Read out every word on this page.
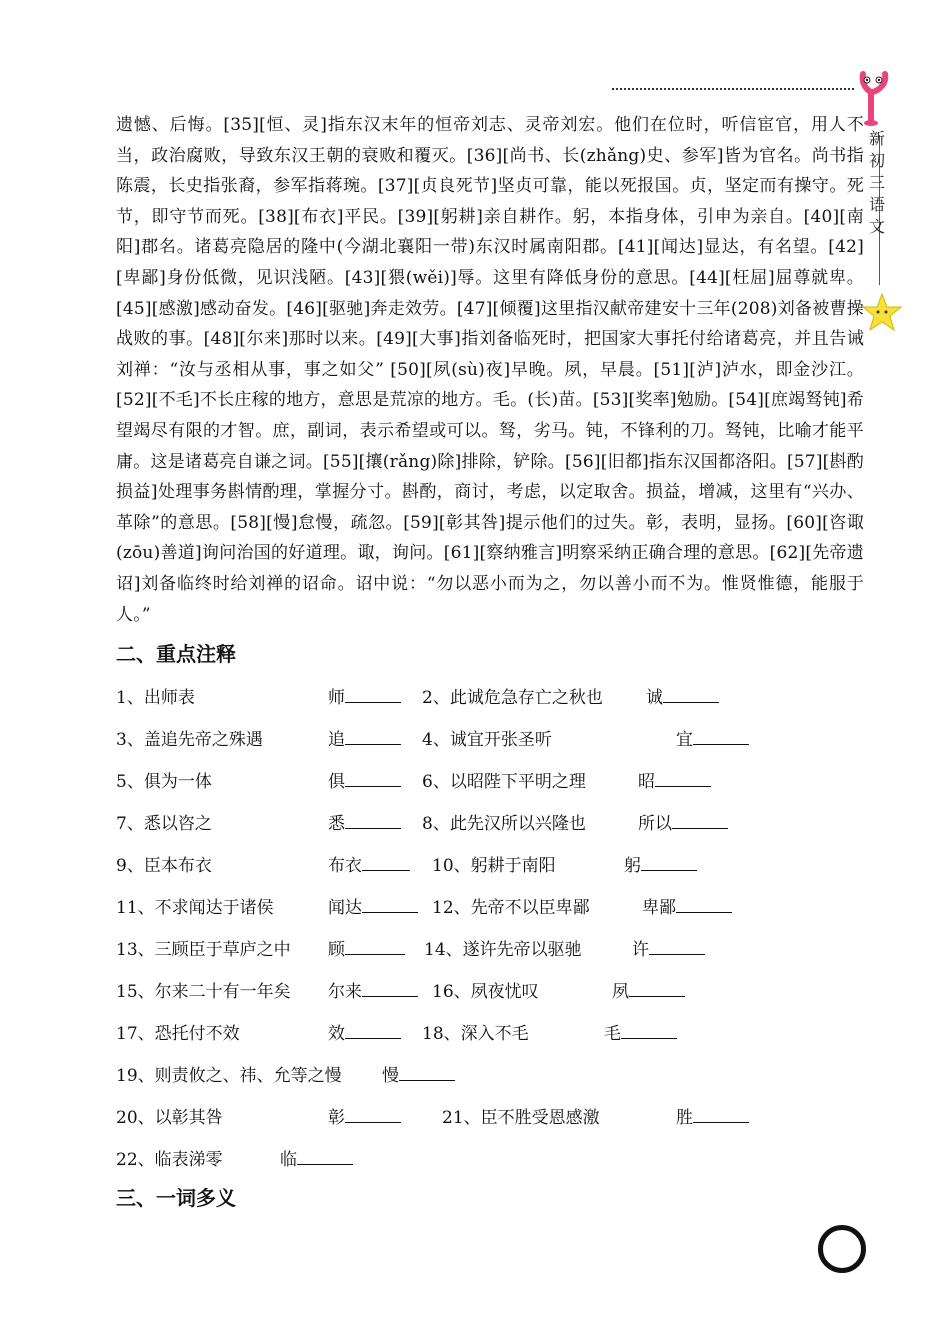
新初三语文

遗憾、后悔。[35][恒、灵]指东汉末年的恒帝刘志、灵帝刘宏。他们在位时，听信宦官，用人不当，政治腐败，导致东汉王朝的衰败和覆灭。[36][尚书、长(zhǎng)史、参军]皆为官名。尚书指陈震，长史指张裔，参军指蒋琬。[37][贞良死节]坚贞可靠，能以死报国。贞，坚定而有操守。死节，即守节而死。[38][布衣]平民。[39][躬耕]亲自耕作。躬，本指身体，引申为亲自。[40][南阳]郡名。诸葛亮隐居的隆中(今湖北襄阳一带)东汉时属南阳郡。[41][闻达]显达，有名望。[42][卑鄙]身份低微，见识浅陋。[43][猥(wěi)]辱。这里有降低身份的意思。[44][枉屈]屈尊就卑。[45][感激]感动奋发。[46][驱驰]奔走效劳。[47][倾覆]这里指汉献帝建安十三年(208)刘备被曹操战败的事。[48][尔来]那时以来。[49][大事]指刘备临死时，把国家大事托付给诸葛亮，并且告诫刘禅：“汝与丞相从事，事之如父” [50][夙(sù)夜]早晚。夙，早晨。[51][泸]泸水，即金沙江。[52][不毛]不长庄稼的地方，意思是荒凉的地方。毛。(长)苗。[53][奖率]勉励。[54][庶竭驽钝]希望竭尽有限的才智。庶，副词，表示希望或可以。驽，劣马。钝，不锋利的刀。驽钝，比喻才能平庸。这是诸葛亮自谦之词。[55][攘(rǎng)除]排除，铲除。[56][旧都]指东汉国都洛阳。[57][斟酌损益]处理事务斟情酌理，掌握分寸。斟酌，商讨，考虑，以定取舍。损益，增减，这里有“兴办、革除”的意思。[58][慢]怠慢，疏忽。[59][彰其咎]提示他们的过失。彰，表明，显扬。[60][咨诹(zōu)善道]询问治国的好道理。诹，询问。[61][察纳雅言]明察采纳正确合理的意思。[62][先帝遗诏]刘备临终时给刘禅的诏命。诏中说：“勿以恶小而为之，勿以善小而不为。惟贤惟德，能服于人。”

二、重点注释
1、出师表	师	2、此诚危急存亡之秋也	诚
3、盖追先帝之殊遇	追	4、诚宜开张圣听	宜
5、俱为一体	俱	6、以昭陛下平明之理	昭
7、悉以咨之	悉	8、此先汉所以兴隆也	所以
9、臣本布衣	布衣	10、躬耕于南阳	躬
11、不求闻达于诸侯	闻达	12、先帝不以臣卑鄙	卑鄙
13、三顾臣于草庐之中 顾	14、遂许先帝以驱驰	许
15、尔来二十有一年矣 尔来	16、夙夜忧叹	夙
17、恐托付不效	效	18、深入不毛	毛
19、则责攸之、祎、允等之慢 慢
20、以彰其咎	彰	21、臣不胜受恩感激	胜
22、临表涕零	临
三、一词多义
